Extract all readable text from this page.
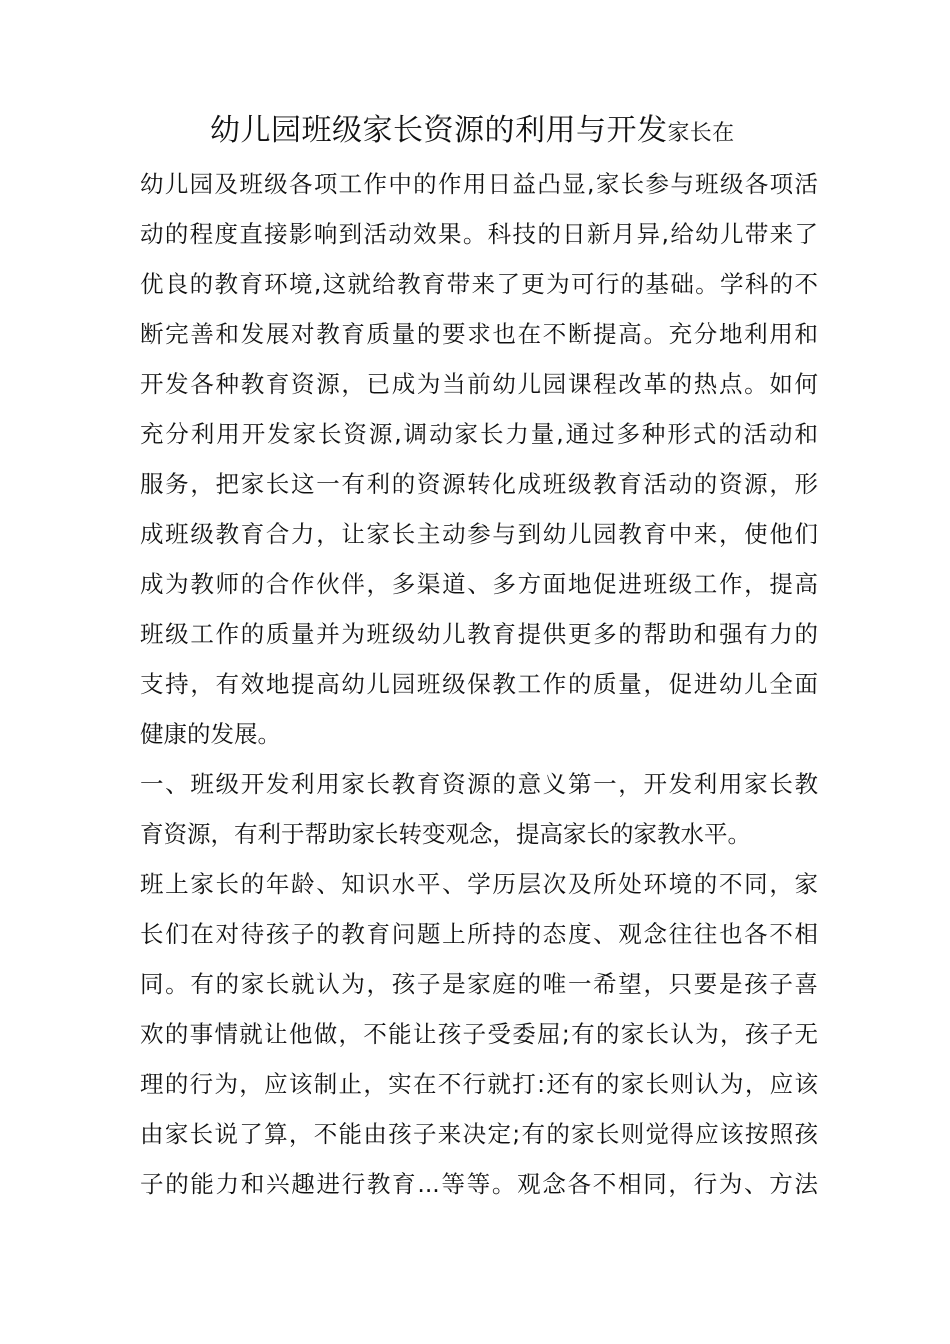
幼儿园班级家长资源的利用与开发家长在
幼儿园及班级各项工作中的作用日益凸显,家长参与班级各项活
动的程度直接影响到活动效果。科技的日新月异,给幼儿带来了
优良的教育环境,这就给教育带来了更为可行的基础。学科的不
断完善和发展对教育质量的要求也在不断提高。充分地利用和
开发各种教育资源，已成为当前幼儿园课程改革的热点。如何
充分利用开发家长资源,调动家长力量,通过多种形式的活动和
服务，把家长这一有利的资源转化成班级教育活动的资源，形
成班级教育合力，让家长主动参与到幼儿园教育中来，使他们
成为教师的合作伙伴，多渠道、多方面地促进班级工作，提高
班级工作的质量并为班级幼儿教育提供更多的帮助和强有力的
支持，有效地提高幼儿园班级保教工作的质量，促进幼儿全面
健康的发展。
一、班级开发利用家长教育资源的意义第一，开发利用家长教
育资源，有利于帮助家长转变观念，提高家长的家教水平。
班上家长的年龄、知识水平、学历层次及所处环境的不同，家
长们在对待孩子的教育问题上所持的态度、观念往往也各不相
同。有的家长就认为，孩子是家庭的唯一希望，只要是孩子喜
欢的事情就让他做，不能让孩子受委屈;有的家长认为，孩子无
理的行为，应该制止，实在不行就打:还有的家长则认为，应该
由家长说了算，不能由孩子来决定;有的家长则觉得应该按照孩
子的能力和兴趣进行教育...等等。观念各不相同，行为、方法
